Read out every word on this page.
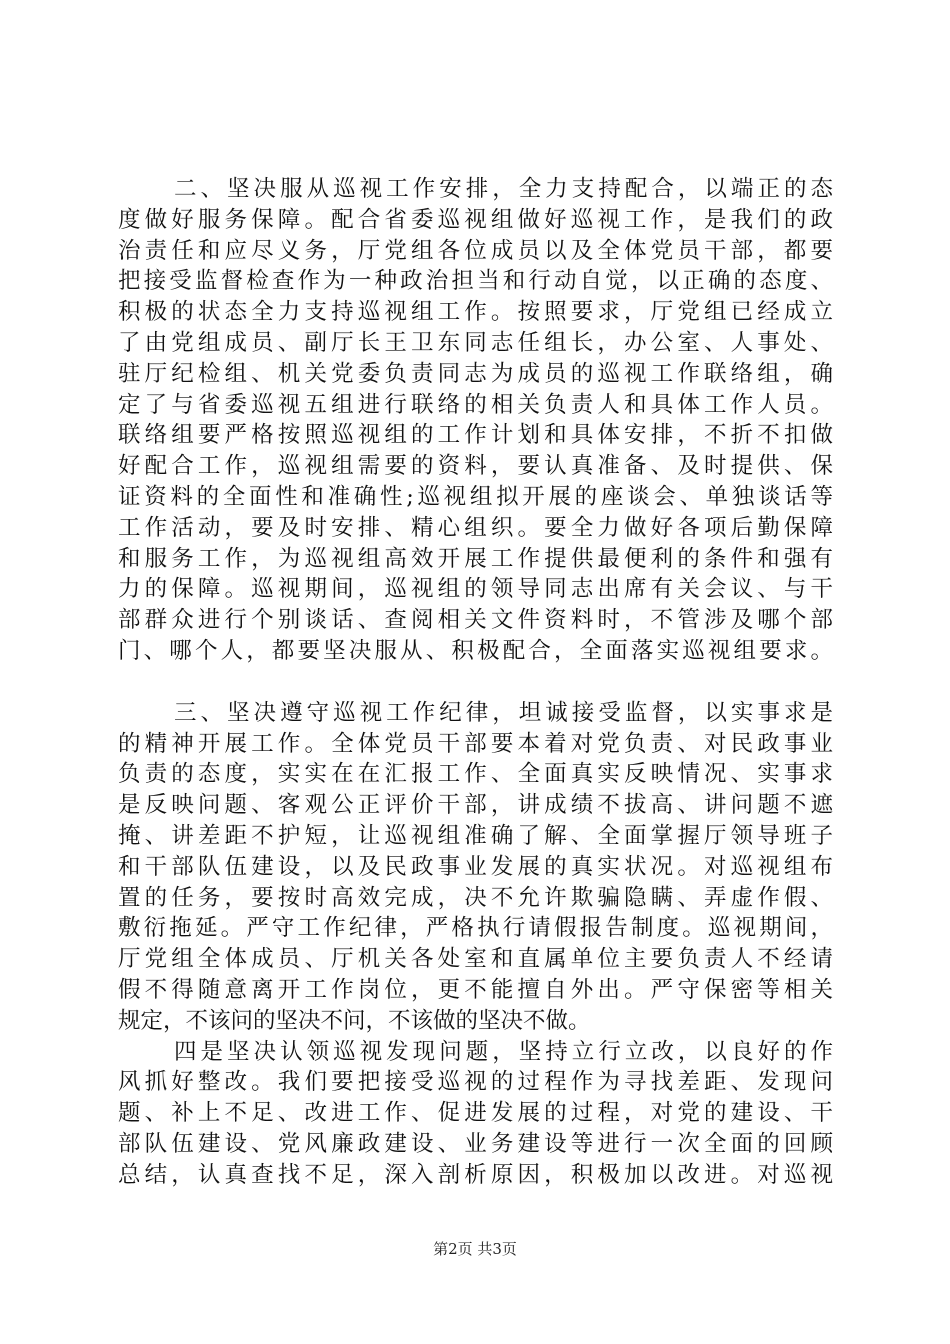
二、坚决服从巡视工作安排，全力支持配合，以端正的态
度做好服务保障。配合省委巡视组做好巡视工作，是我们的政
治责任和应尽义务，厅党组各位成员以及全体党员干部，都要
把接受监督检查作为一种政治担当和行动自觉，以正确的态度、
积极的状态全力支持巡视组工作。按照要求，厅党组已经成立
了由党组成员、副厅长王卫东同志任组长，办公室、人事处、
驻厅纪检组、机关党委负责同志为成员的巡视工作联络组，确
定了与省委巡视五组进行联络的相关负责人和具体工作人员。
联络组要严格按照巡视组的工作计划和具体安排，不折不扣做
好配合工作，巡视组需要的资料，要认真准备、及时提供、保
证资料的全面性和准确性;巡视组拟开展的座谈会、单独谈话等
工作活动，要及时安排、精心组织。要全力做好各项后勤保障
和服务工作，为巡视组高效开展工作提供最便利的条件和强有
力的保障。巡视期间，巡视组的领导同志出席有关会议、与干
部群众进行个别谈话、查阅相关文件资料时，不管涉及哪个部
门、哪个人，都要坚决服从、积极配合，全面落实巡视组要求。
三、坚决遵守巡视工作纪律，坦诚接受监督，以实事求是
的精神开展工作。全体党员干部要本着对党负责、对民政事业
负责的态度，实实在在汇报工作、全面真实反映情况、实事求
是反映问题、客观公正评价干部，讲成绩不拔高、讲问题不遮
掩、讲差距不护短，让巡视组准确了解、全面掌握厅领导班子
和干部队伍建设，以及民政事业发展的真实状况。对巡视组布
置的任务，要按时高效完成，决不允许欺骗隐瞒、弄虚作假、
敷衍拖延。严守工作纪律，严格执行请假报告制度。巡视期间，
厅党组全体成员、厅机关各处室和直属单位主要负责人不经请
假不得随意离开工作岗位，更不能擅自外出。严守保密等相关
规定，不该问的坚决不问，不该做的坚决不做。
四是坚决认领巡视发现问题，坚持立行立改，以良好的作
风抓好整改。我们要把接受巡视的过程作为寻找差距、发现问
题、补上不足、改进工作、促进发展的过程，对党的建设、干
部队伍建设、党风廉政建设、业务建设等进行一次全面的回顾
总结，认真查找不足，深入剖析原因，积极加以改进。对巡视
第2页 共3页
